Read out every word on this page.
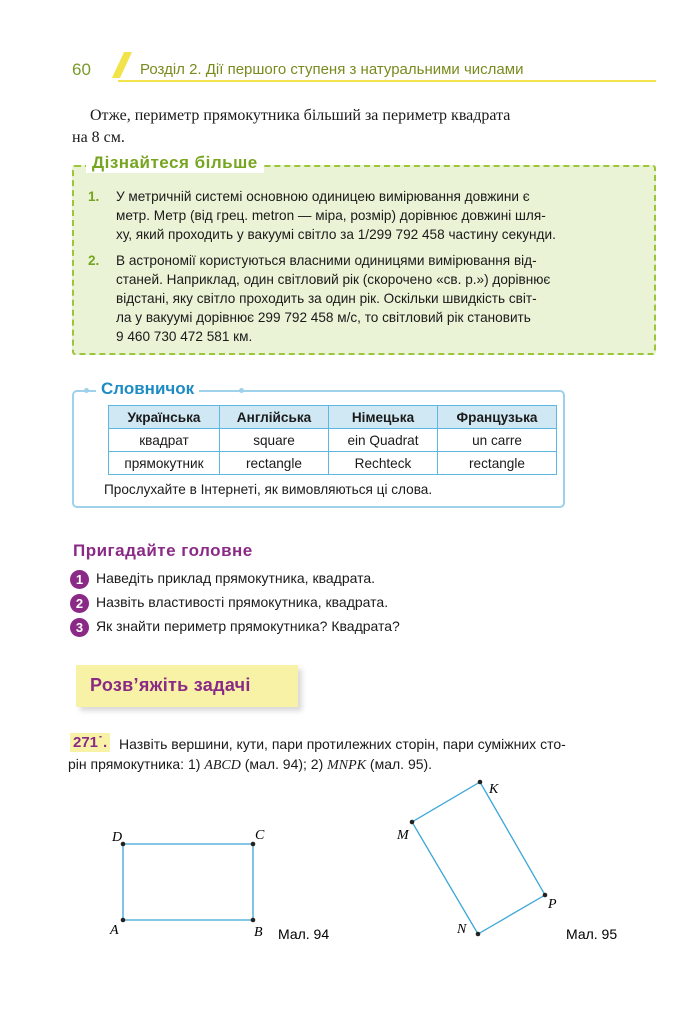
60	Розділ 2. Дії першого ступеня з натуральними числами
Отже, периметр прямокутника більший за периметр квадрата
на 8 см.
Дізнайтеся більше
1. У метричній системі основною одиницею вимірювання довжини є
метр. Метр (від грец. metron — міра, розмір) дорівнює довжині шля-
ху, який проходить у вакуумі світло за 1/299 792 458 частину секунди.
2. В астрономії користуються власними одиницями вимірювання від-
станей. Наприклад, один світловий рік (скорочено «св. р.») дорівнює
відстані, яку світло проходить за один рік. Оскільки швидкість світ-
ла у вакуумі дорівнює 299 792 458 м/с, то світловий рік становить
9 460 730 472 581 км.
Словничок
Українська	Англійська	Німецька	Французька
квадрат	square	ein Quadrat	un carre
прямокутник	rectangle	Rechteck	rectangle
Прослухайте в Інтернеті, як вимовляються ці слова.
Пригадайте головне
1 Наведіть приклад прямокутника, квадрата.
2 Назвіть властивості прямокутника, квадрата.
3 Як знайти периметр прямокутника? Квадрата?
Розв’яжіть задачі
271˙. Назвіть вершини, кути, пари протилежних сторін, пари суміжних сто-
рін прямокутника: 1) ABCD (мал. 94); 2) MNPK (мал. 95).
D	C
A	B Мал. 94
K
M
P
N	Мал. 95
